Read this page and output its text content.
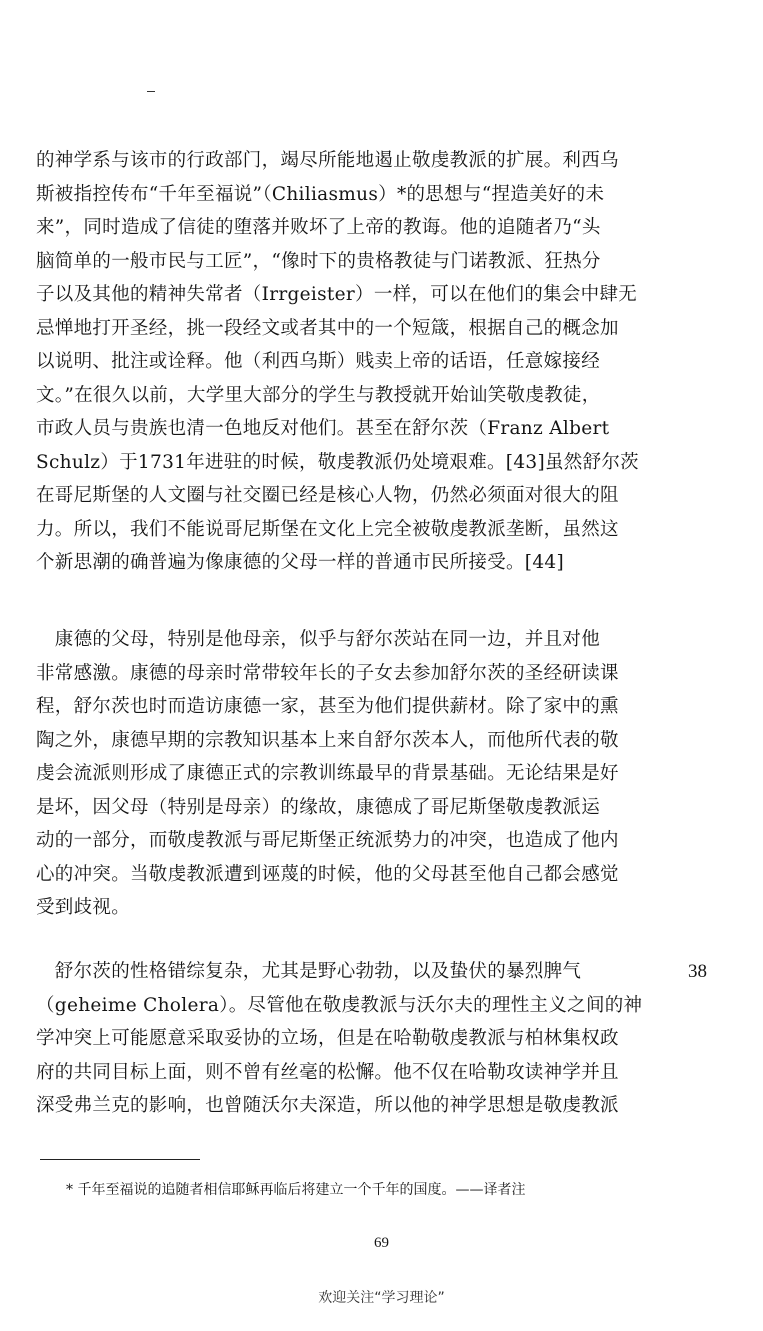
的神学系与该市的行政部门，竭尽所能地遏止敬虔教派的扩展。利西乌
斯被指控传布“千年至福说”（Chiliasmus）*的思想与“捏造美好的未
来”，同时造成了信徒的堕落并败坏了上帝的教诲。他的追随者乃“头
脑简单的一般市民与工匠”，“像时下的贵格教徒与门诺教派、狂热分
子以及其他的精神失常者（Irrgeister）一样，可以在他们的集会中肆无
忌惮地打开圣经，挑一段经文或者其中的一个短箴，根据自己的概念加
以说明、批注或诠释。他（利西乌斯）贱卖上帝的话语，任意嫁接经
文。”在很久以前，大学里大部分的学生与教授就开始讪笑敬虔教徒，
市政人员与贵族也清一色地反对他们。甚至在舒尔茨（Franz Albert
Schulz）于1731年进驻的时候，敬虔教派仍处境艰难。[43]虽然舒尔茨
在哥尼斯堡的人文圈与社交圈已经是核心人物，仍然必须面对很大的阻
力。所以，我们不能说哥尼斯堡在文化上完全被敬虔教派垄断，虽然这
个新思潮的确普遍为像康德的父母一样的普通市民所接受。[44]
　康德的父母，特别是他母亲，似乎与舒尔茨站在同一边，并且对他
非常感激。康德的母亲时常带较年长的子女去参加舒尔茨的圣经研读课
程，舒尔茨也时而造访康德一家，甚至为他们提供薪材。除了家中的熏
陶之外，康德早期的宗教知识基本上来自舒尔茨本人，而他所代表的敬
虔会流派则形成了康德正式的宗教训练最早的背景基础。无论结果是好
是坏，因父母（特别是母亲）的缘故，康德成了哥尼斯堡敬虔教派运
动的一部分，而敬虔教派与哥尼斯堡正统派势力的冲突，也造成了他内
心的冲突。当敬虔教派遭到诬蔑的时候，他的父母甚至他自己都会感觉
受到歧视。
　舒尔茨的性格错综复杂，尤其是野心勃勃，以及蛰伏的暴烈脾气
（geheime Cholera）。尽管他在敬虔教派与沃尔夫的理性主义之间的神
学冲突上可能愿意采取妥协的立场，但是在哈勒敬虔教派与柏林集权政
府的共同目标上面，则不曾有丝毫的松懈。他不仅在哈勒攻读神学并且
深受弗兰克的影响，也曾随沃尔夫深造，所以他的神学思想是敬虔教派
38
* 千年至福说的追随者相信耶稣再临后将建立一个千年的国度。——译者注
69
欢迎关注“学习理论”
